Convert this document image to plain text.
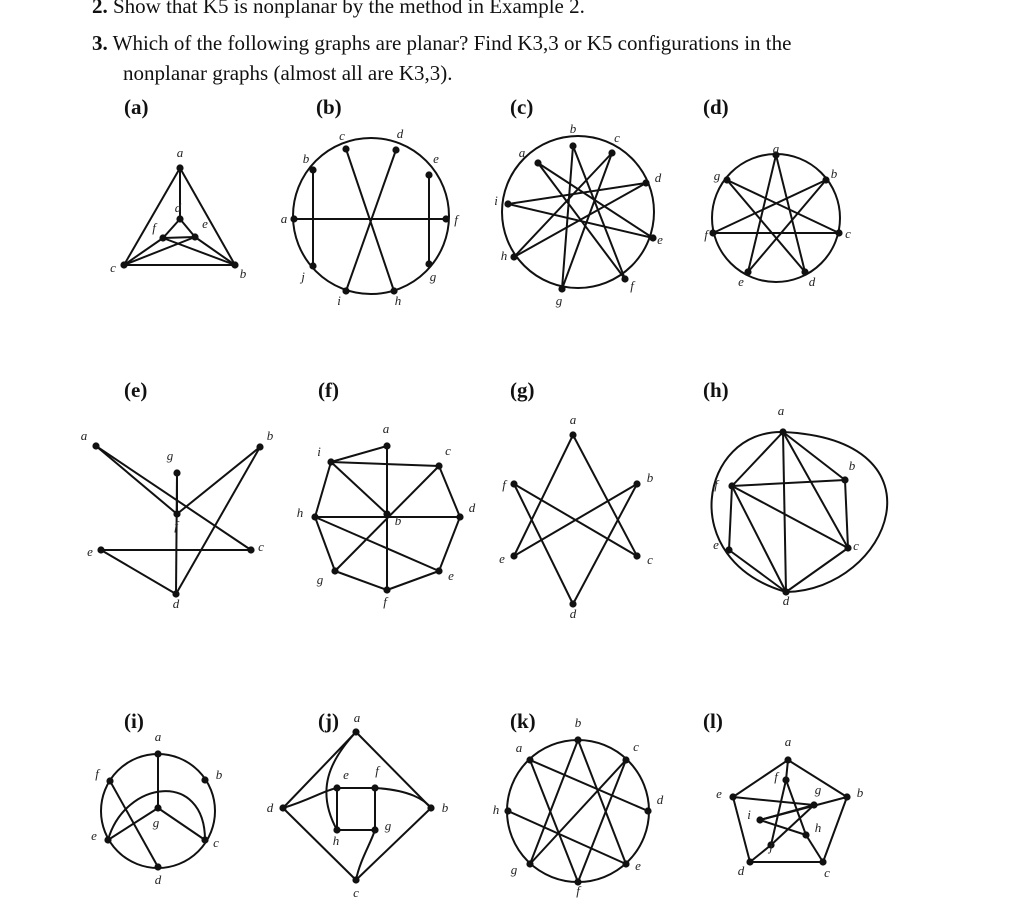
2. Show that K5 is nonplanar by the method in Example 2.
3. Which of the following graphs are planar? Find K3,3 or K5 configurations in the
nonplanar graphs (almost all are K3,3).
(a)
a
b
c
d
e
f
(b)
a
b
c	d
e
f
g
h
i
j
(c)
a
b
c
d
e
f
g
h
i
(d)
a
b
c
d
e
f
g
(e)
a	b
c
d
e
f
g
(f)
a
b
c
d
e
f
g
h
i
(g)
a
b
c
d
e
f
(h)
a
b
c
d
e
f
(i)
a
b
c
d
e
f
g
(j) a
b
c
d
e f
g
h
(k)
a
b
c
d
e
f
g
h
(l)
a
b
c
d
e
f
g
h
i
j
